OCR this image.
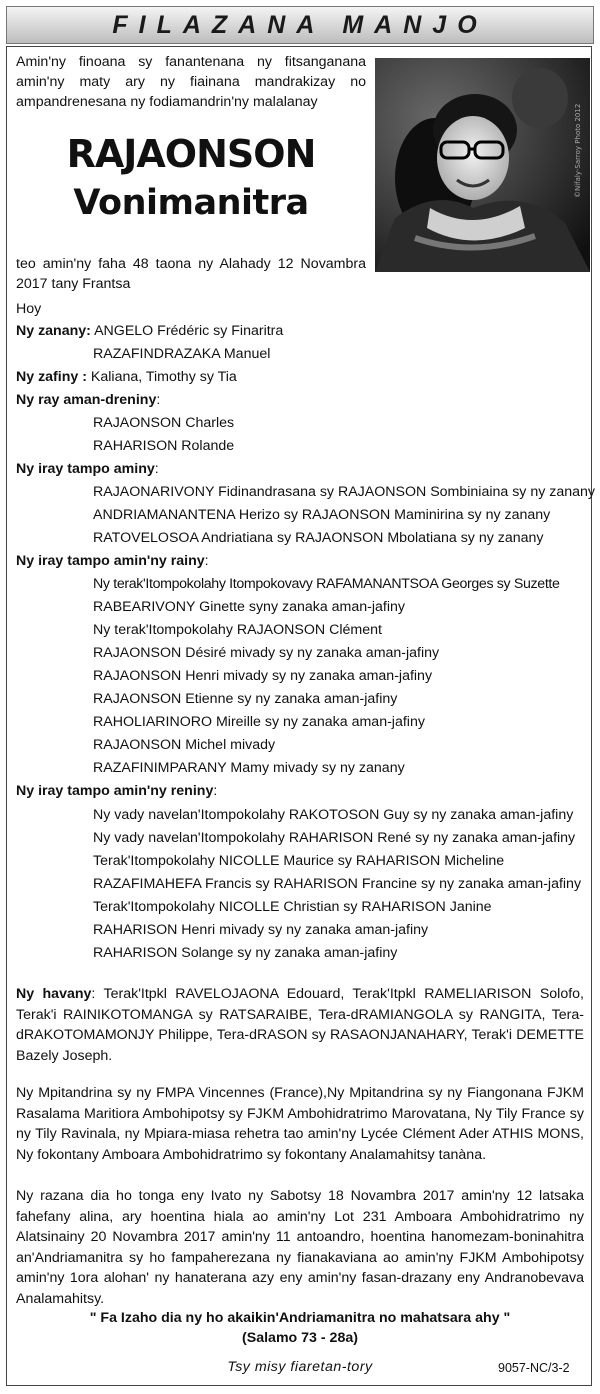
FILAZANA MANJO
Amin'ny finoana sy fanantenana ny fitsanganana amin'ny maty ary ny fiainana mandrakizay no ampandrenesana ny fodiamandrin'ny malalanay
RAJAONSON
Vonimanitra
©Nifaly-Sarroy Photo 2012
teo amin'ny faha 48 taona ny Alahady 12 Novambra 2017 tany Frantsa
Hoy
Ny zanany: ANGELO Frédéric sy Finaritra
RAZAFINDRAZAKA Manuel
Ny zafiny : Kaliana, Timothy sy Tia
Ny ray aman-dreniny:
RAJAONSON Charles
RAHARISON Rolande
Ny iray tampo aminy:
RAJAONARIVONY Fidinandrasana sy RAJAONSON Sombiniaina sy ny zanany
ANDRIAMANANTENA Herizo sy RAJAONSON Maminirina sy ny zanany
RATOVELOSOA Andriatiana sy RAJAONSON Mbolatiana sy ny zanany
Ny iray tampo amin'ny rainy:
Ny terak'Itompokolahy Itompokovavy RAFAMANANTSOA Georges sy Suzette
RABEARIVONY Ginette syny zanaka aman-jafiny
Ny terak'Itompokolahy RAJAONSON Clément
RAJAONSON Désiré mivady sy ny zanaka aman-jafiny
RAJAONSON Henri mivady sy ny zanaka aman-jafiny
RAJAONSON Etienne sy ny zanaka aman-jafiny
RAHOLIARINORO Mireille sy ny zanaka aman-jafiny
RAJAONSON Michel mivady
RAZAFINIMPARANY Mamy mivady sy ny zanany
Ny iray tampo amin'ny reniny:
Ny vady navelan'Itompokolahy RAKOTOSON Guy sy ny zanaka aman-jafiny
Ny vady navelan'Itompokolahy RAHARISON René sy ny zanaka aman-jafiny
Terak'Itompokolahy NICOLLE Maurice sy RAHARISON Micheline
RAZAFIMAHEFA Francis sy RAHARISON Francine sy ny zanaka aman-jafiny
Terak'Itompokolahy NICOLLE Christian sy RAHARISON Janine
RAHARISON Henri mivady sy ny zanaka aman-jafiny
RAHARISON Solange sy ny zanaka aman-jafiny
Ny havany: Terak'Itpkl RAVELOJAONA Edouard, Terak'Itpkl RAMELIARISON Solofo, Terak'i RAINIKOTOMANGA sy RATSARAIBE, Tera-dRAMIANGOLA sy RANGITA, Tera-dRAKOTOMAMONJY Philippe, Tera-dRASON sy RASAONJANAHARY, Terak'i DEMETTE Bazely Joseph.
Ny Mpitandrina sy ny FMPA Vincennes (France),Ny Mpitandrina sy ny Fiangonana FJKM Rasalama Maritiora Ambohipotsy sy FJKM Ambohidratrimo Marovatana, Ny Tily France sy ny Tily Ravinala, ny Mpiara-miasa rehetra tao amin'ny Lycée Clément Ader ATHIS MONS, Ny fokontany Amboara Ambohidratrimo sy fokontany Analamahitsy tanàna.
Ny razana dia ho tonga eny Ivato ny Sabotsy 18 Novambra 2017 amin'ny 12 latsaka fahefany alina, ary hoentina hiala ao amin'ny Lot 231 Amboara Ambohidratrimo ny Alatsinainy 20 Novambra 2017 amin'ny 11 antoandro, hoentina hanomezam-boninahitra an'Andriamanitra sy ho fampaherezana ny fianakaviana ao amin'ny FJKM Ambohipotsy amin'ny 1ora alohan' ny hanaterana azy eny amin'ny fasan-drazany eny Andranobevava Analamahitsy.
" Fa Izaho dia ny ho akaikin'Andriamanitra no mahatsara ahy "
(Salamo 73 - 28a)
Tsy misy fiaretan-tory	9057-NC/3-2
